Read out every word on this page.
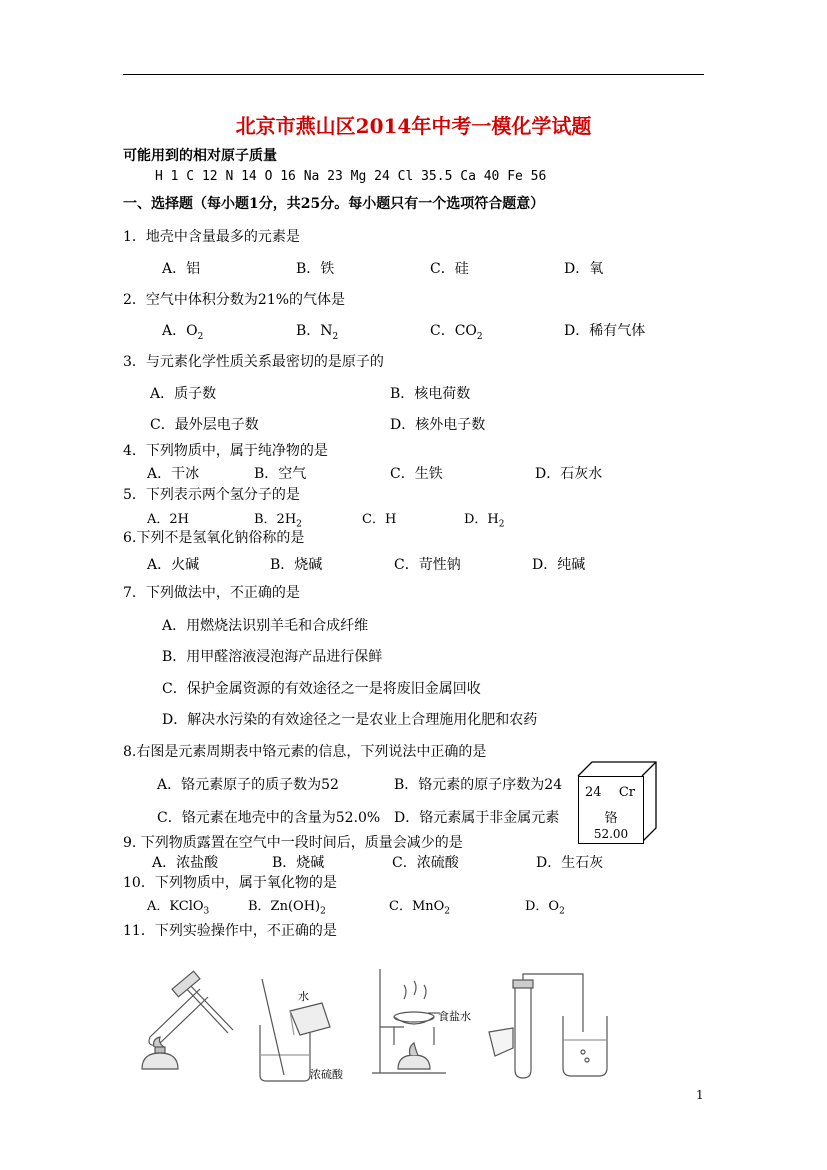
北京市燕山区2014年中考一模化学试题
可能用到的相对原子质量
H 1 C 12 N 14 O 16 Na 23 Mg 24 Cl 35.5 Ca 40 Fe 56
一、选择题（每小题1分，共25分。每小题只有一个选项符合题意）
1．地壳中含量最多的元素是
A．铝	B．铁	C．硅	D．氧
2．空气中体积分数为21%的气体是
A．$O_2$	B．$N_2$	C．$CO_2$	D．稀有气体
3．与元素化学性质关系最密切的是原子的
A．质子数	B．核电荷数
C．最外层电子数	D．核外电子数
4．下列物质中，属于纯净物的是
A．干冰	B．空气	C．生铁	D．石灰水
5．下列表示两个氢分子的是
A．2H	B．$2H_2$	C．H	D．$H_2$
6.下列不是氢氧化钠俗称的是
A．火碱	B．烧碱	C．苛性钠	D．纯碱
7．下列做法中，不正确的是
A．用燃烧法识别羊毛和合成纤维
B．用甲醛溶液浸泡海产品进行保鲜
C．保护金属资源的有效途径之一是将废旧金属回收
D．解决水污染的有效途径之一是农业上合理施用化肥和农药
8.右图是元素周期表中铬元素的信息，下列说法中正确的是
A．铬元素原子的质子数为52	B．铬元素的原子序数为24
C．铬元素在地壳中的含量为52.0% D．铬元素属于非金属元素
24 Cr
铬
52.00
9. 下列物质露置在空气中一段时间后，质量会减少的是
A．浓盐酸	B．烧碱	C．浓硫酸	D．生石灰
10．下列物质中，属于氧化物的是
A．KClO$_3$	B．$Zn(OH)_2$	C．MnO$_2$	D．$O_2$
11．下列实验操作中，不正确的是
水
浓硫酸
食盐水
1
